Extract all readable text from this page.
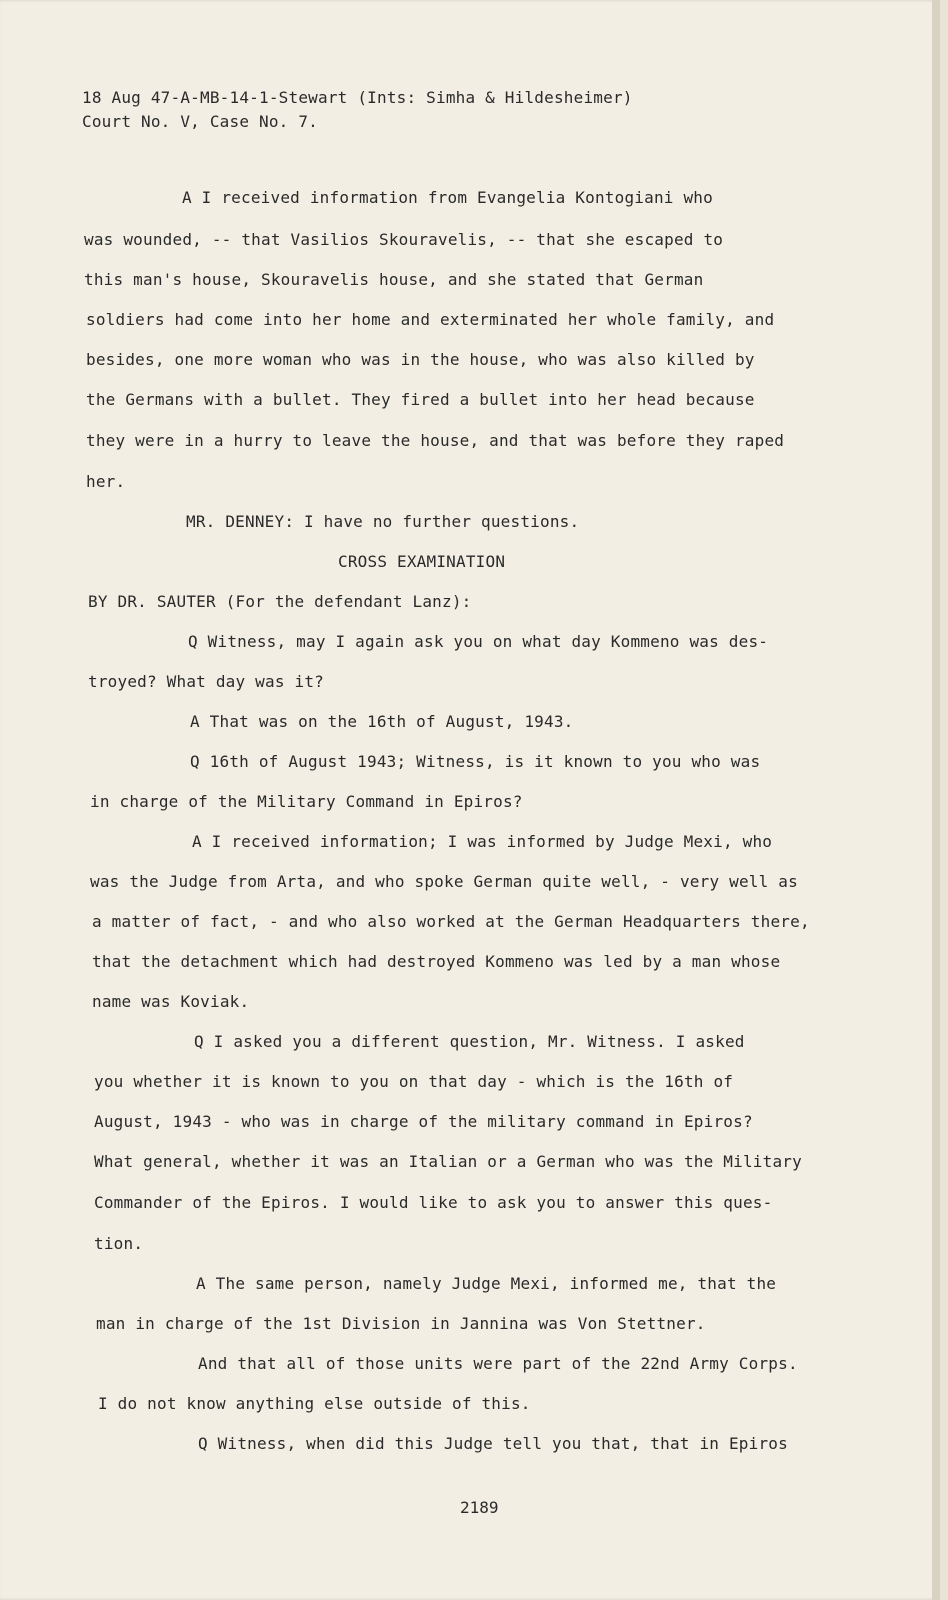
18 Aug 47-A-MB-14-1-Stewart (Ints: Simha & Hildesheimer)
Court No. V, Case No. 7.
A I received information from Evangelia Kontogiani who
was wounded, -- that Vasilios Skouravelis, -- that she escaped to
this man's house, Skouravelis house, and she stated that German
soldiers had come into her home and exterminated her whole family, and
besides, one more woman who was in the house, who was also killed by
the Germans with a bullet. They fired a bullet into her head because
they were in a hurry to leave the house, and that was before they raped
her.
MR. DENNEY: I have no further questions.
CROSS EXAMINATION
BY DR. SAUTER (For the defendant Lanz):
Q Witness, may I again ask you on what day Kommeno was des-
troyed? What day was it?
A That was on the 16th of August, 1943.
Q 16th of August 1943; Witness, is it known to you who was
in charge of the Military Command in Epiros?
A I received information; I was informed by Judge Mexi, who
was the Judge from Arta, and who spoke German quite well, - very well as
a matter of fact, - and who also worked at the German Headquarters there,
that the detachment which had destroyed Kommeno was led by a man whose
name was Koviak.
Q I asked you a different question, Mr. Witness. I asked
you whether it is known to you on that day - which is the 16th of
August, 1943 - who was in charge of the military command in Epiros?
What general, whether it was an Italian or a German who was the Military
Commander of the Epiros. I would like to ask you to answer this ques-
tion.
A The same person, namely Judge Mexi, informed me, that the
man in charge of the 1st Division in Jannina was Von Stettner.
And that all of those units were part of the 22nd Army Corps.
I do not know anything else outside of this.
Q Witness, when did this Judge tell you that, that in Epiros
2189
